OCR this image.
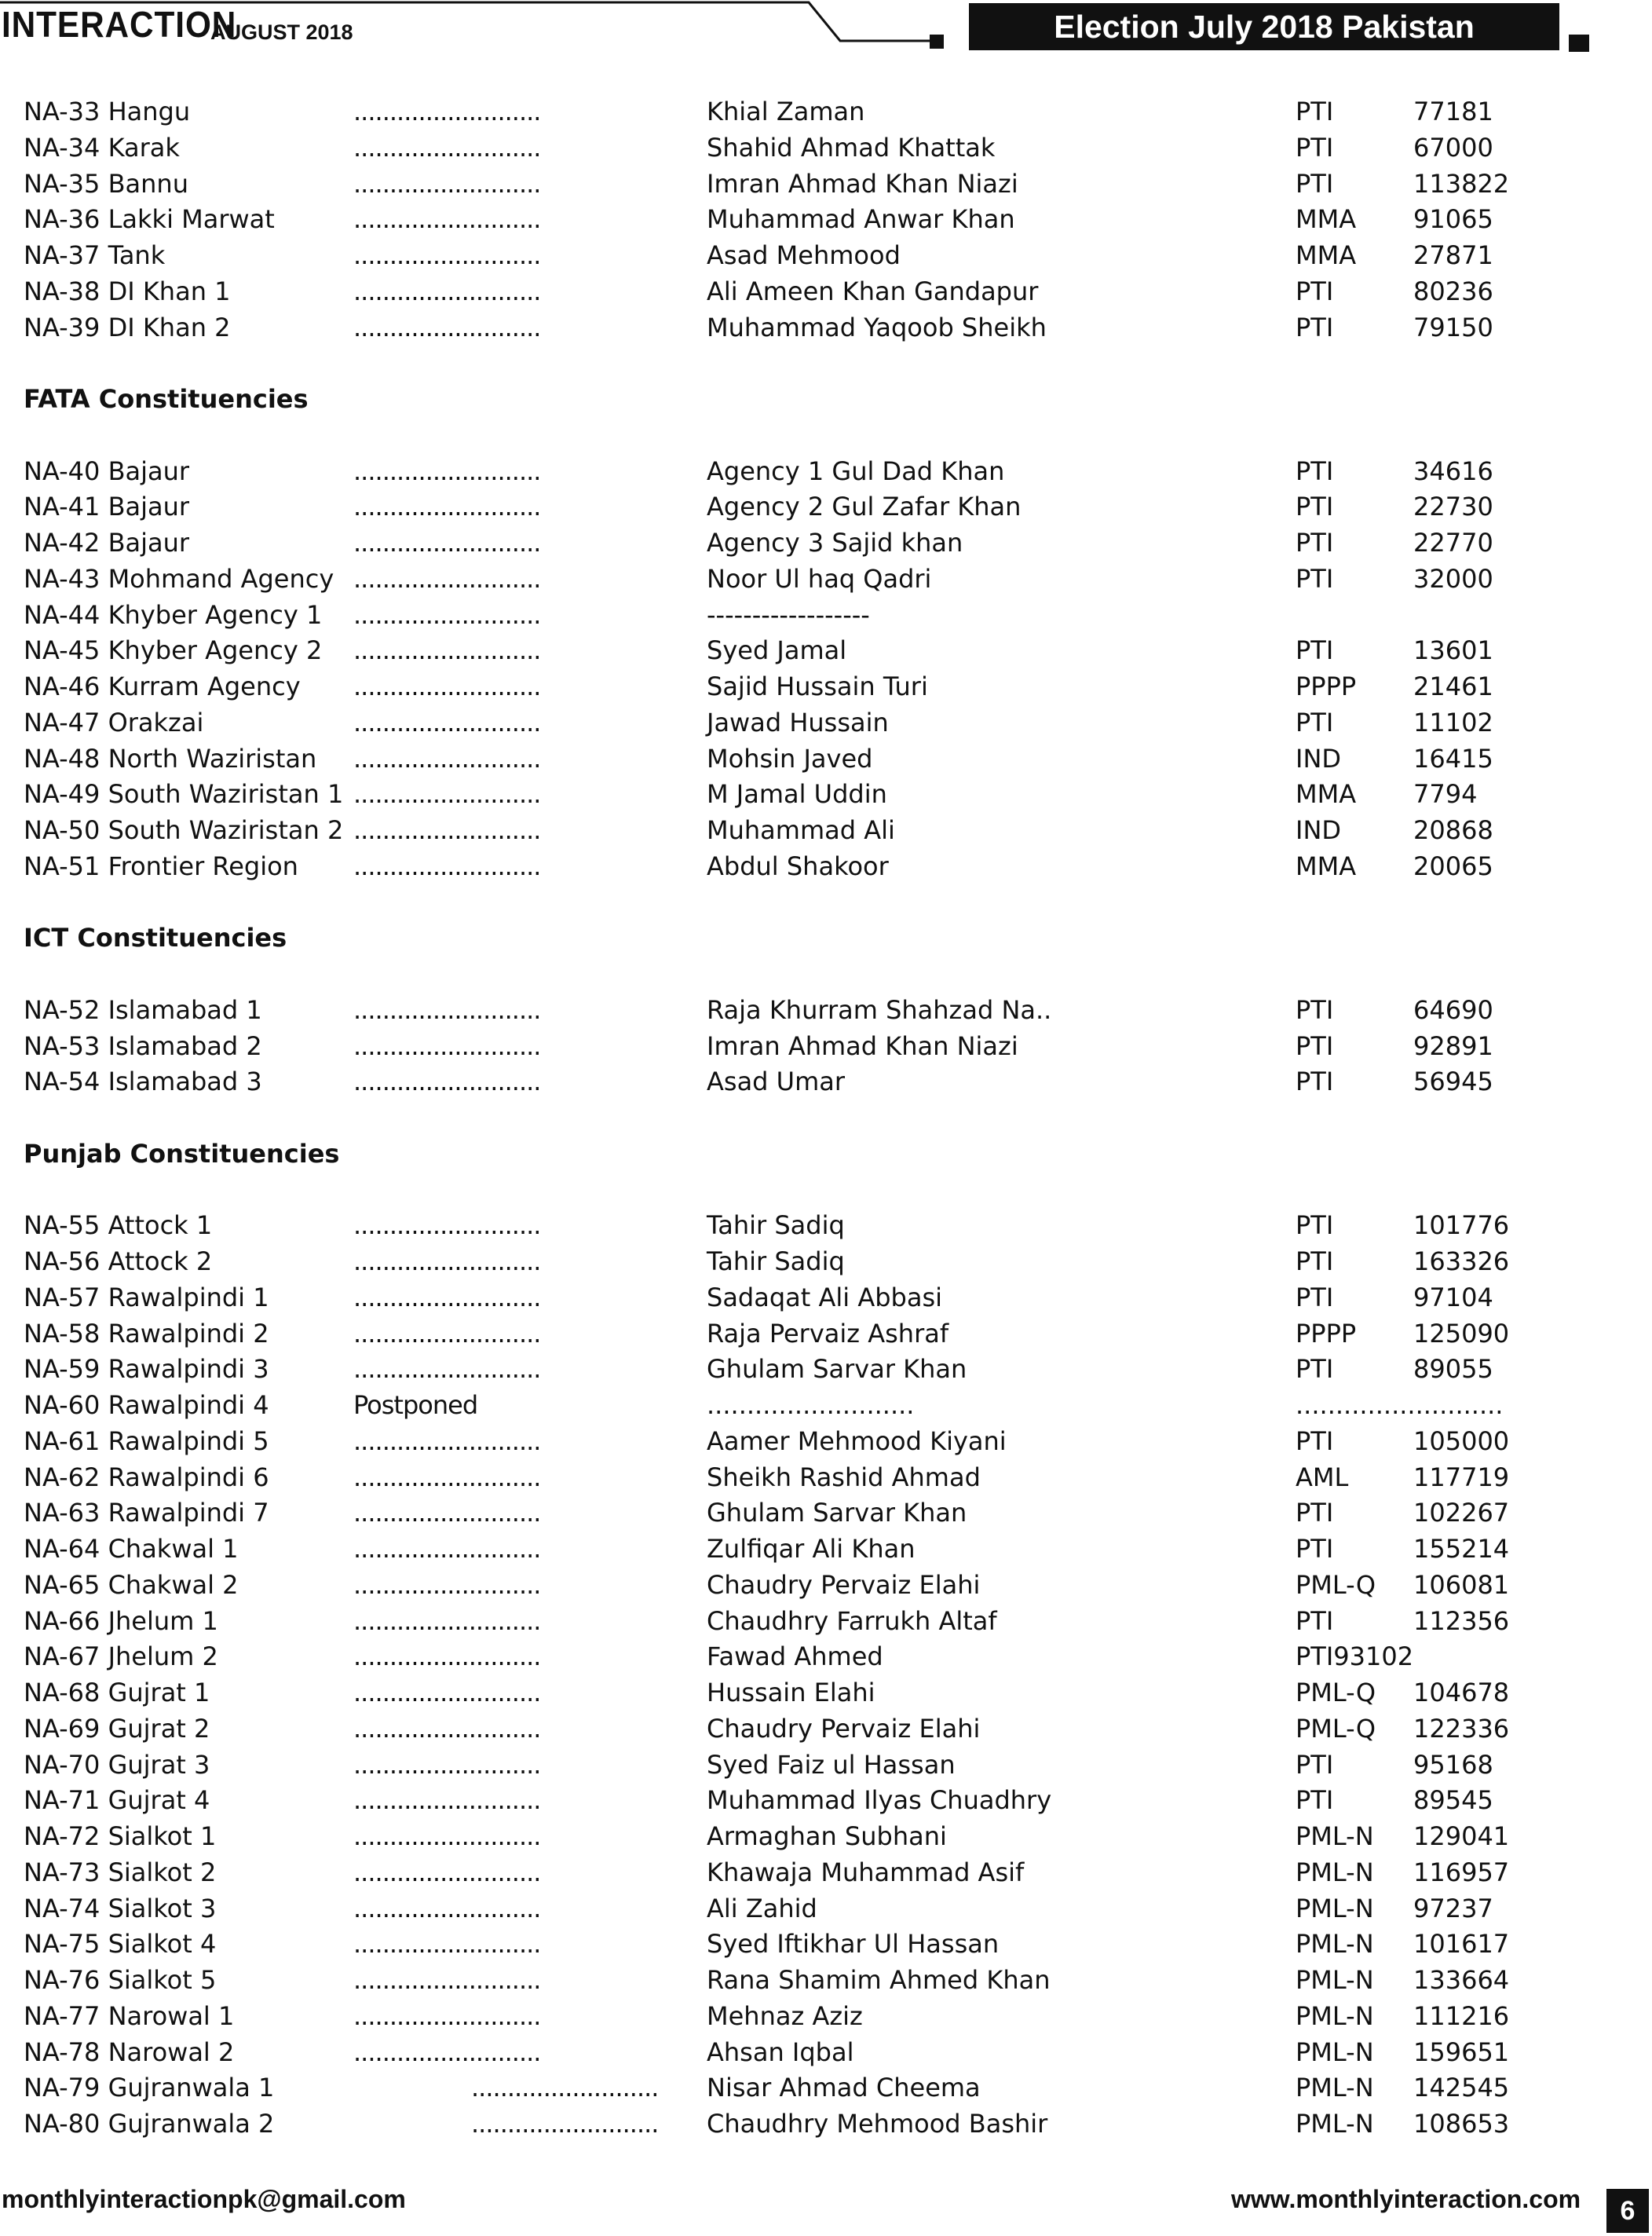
INTERACTION
AUGUST 2018	Election July 2018 Pakistan
NA-33 Hangu	..........................	Khial Zaman	PTI	77181
NA-34 Karak	..........................	Shahid Ahmad Khattak	PTI	67000
NA-35 Bannu	..........................	Imran Ahmad Khan Niazi	PTI	113822
NA-36 Lakki Marwat	..........................	Muhammad Anwar Khan	MMA 91065
NA-37 Tank	..........................	Asad Mehmood	MMA 27871
NA-38 DI Khan 1	..........................	Ali Ameen Khan Gandapur	PTI	80236
NA-39 DI Khan 2	..........................	Muhammad Yaqoob Sheikh	PTI	79150
FATA Constituencies
NA-40 Bajaur	..........................	Agency 1 Gul Dad Khan	PTI	34616
NA-41 Bajaur	..........................	Agency 2 Gul Zafar Khan	PTI	22730
NA-42 Bajaur	..........................	Agency 3 Sajid khan	PTI	22770
NA-43 Mohmand Agency ..........................	Noor Ul haq Qadri	PTI	32000
NA-44 Khyber Agency 1 ..........................	------------------
NA-45 Khyber Agency 2 ..........................	Syed Jamal	PTI	13601
NA-46 Kurram Agency ..........................	Sajid Hussain Turi	PPPP 21461
NA-47 Orakzai	..........................	Jawad Hussain	PTI	11102
NA-48 North Waziristan ..........................	Mohsin Javed	IND	16415
NA-49 South Waziristan 1 ..........................	M Jamal Uddin	MMA 7794
NA-50 South Waziristan 2 ..........................	Muhammad Ali	IND	20868
NA-51 Frontier Region ..........................	Abdul Shakoor	MMA 20065
ICT Constituencies
NA-52 Islamabad 1	..........................	Raja Khurram Shahzad Na..	PTI	64690
NA-53 Islamabad 2	..........................	Imran Ahmad Khan Niazi	PTI	92891
NA-54 Islamabad 3	..........................	Asad Umar	PTI	56945
Punjab Constituencies
NA-55 Attock 1	..........................	Tahir Sadiq	PTI	101776
NA-56 Attock 2	..........................	Tahir Sadiq	PTI	163326
NA-57 Rawalpindi 1	..........................	Sadaqat Ali Abbasi	PTI	97104
NA-58 Rawalpindi 2	..........................	Raja Pervaiz Ashraf	PPPP 125090
NA-59 Rawalpindi 3	..........................	Ghulam Sarvar Khan	PTI	89055
NA-60 Rawalpindi 4	Postponed	..........................	..........................
NA-61 Rawalpindi 5	..........................	Aamer Mehmood Kiyani	PTI	105000
NA-62 Rawalpindi 6	..........................	Sheikh Rashid Ahmad	AML	117719
NA-63 Rawalpindi 7	..........................	Ghulam Sarvar Khan	PTI	102267
NA-64 Chakwal 1	..........................	Zulfiqar Ali Khan	PTI	155214
NA-65 Chakwal 2	..........................	Chaudry Pervaiz Elahi	PML-Q 106081
NA-66 Jhelum 1	..........................	Chaudhry Farrukh Altaf	PTI	112356
NA-67 Jhelum 2	..........................	Fawad Ahmed	PTI93102
NA-68 Gujrat 1	..........................	Hussain Elahi	PML-Q 104678
NA-69 Gujrat 2	..........................	Chaudry Pervaiz Elahi	PML-Q 122336
NA-70 Gujrat 3	..........................	Syed Faiz ul Hassan	PTI	95168
NA-71 Gujrat 4	..........................	Muhammad Ilyas Chuadhry	PTI	89545
NA-72 Sialkot 1	..........................	Armaghan Subhani	PML-N 129041
NA-73 Sialkot 2	..........................	Khawaja Muhammad Asif	PML-N 116957
NA-74 Sialkot 3	..........................	Ali Zahid	PML-N 97237
NA-75 Sialkot 4	..........................	Syed Iftikhar Ul Hassan	PML-N 101617
NA-76 Sialkot 5	..........................	Rana Shamim Ahmed Khan	PML-N 133664
NA-77 Narowal 1	..........................	Mehnaz Aziz	PML-N 111216
NA-78 Narowal 2	..........................	Ahsan Iqbal	PML-N 159651
NA-79 Gujranwala 1	.......................... Nisar Ahmad Cheema	PML-N 142545
NA-80 Gujranwala 2	.......................... Chaudhry Mehmood Bashir	PML-N 108653
monthlyinteractionpk@gmail.com	www.monthlyinteraction.com	6
